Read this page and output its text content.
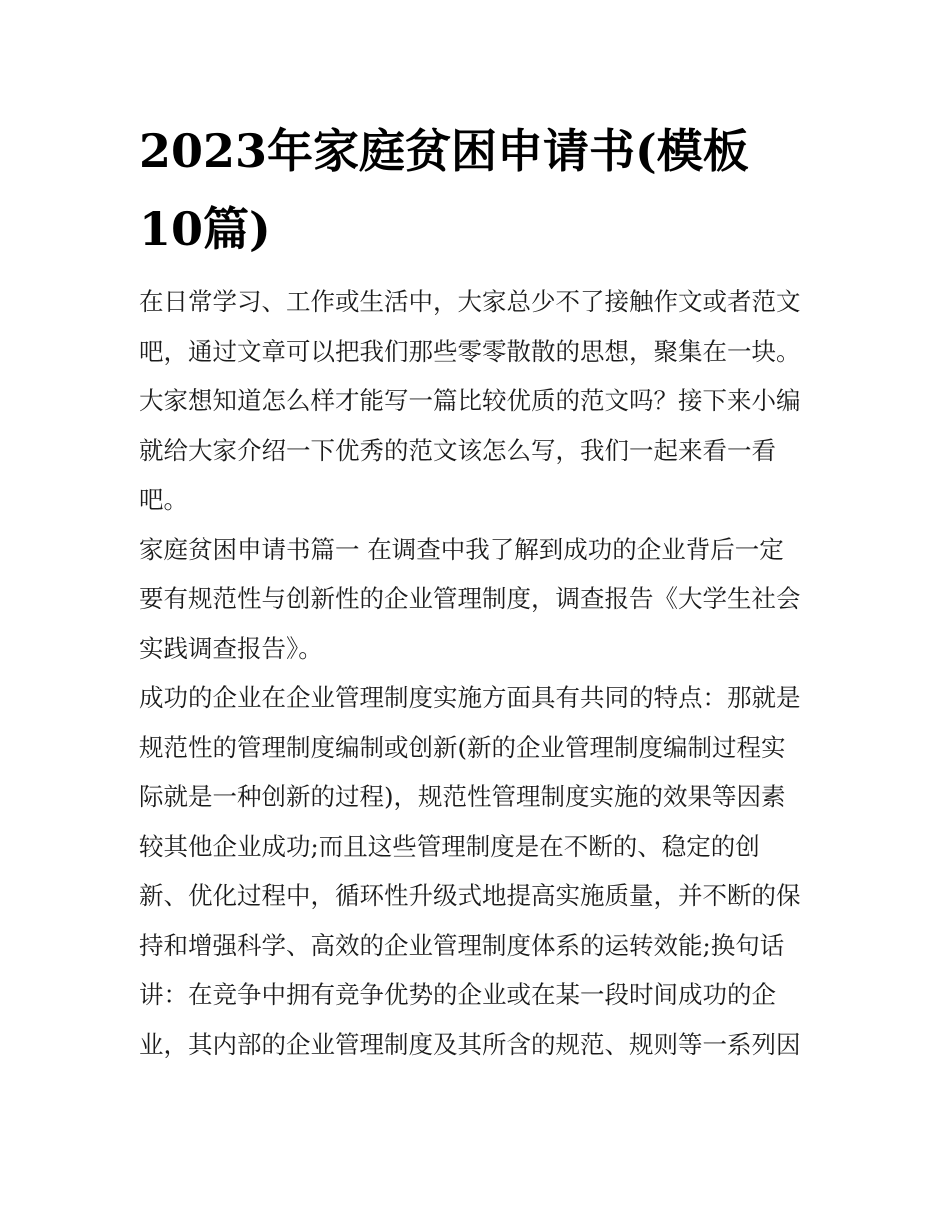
2023年家庭贫困申请书(模板
10篇)
在日常学习、工作或生活中，大家总少不了接触作文或者范文
吧，通过文章可以把我们那些零零散散的思想，聚集在一块。
大家想知道怎么样才能写一篇比较优质的范文吗？接下来小编
就给大家介绍一下优秀的范文该怎么写，我们一起来看一看
吧。
家庭贫困申请书篇一 在调查中我了解到成功的企业背后一定
要有规范性与创新性的企业管理制度，调查报告《大学生社会
实践调查报告》。
成功的企业在企业管理制度实施方面具有共同的特点：那就是
规范性的管理制度编制或创新(新的企业管理制度编制过程实
际就是一种创新的过程)，规范性管理制度实施的效果等因素
较其他企业成功;而且这些管理制度是在不断的、稳定的创
新、优化过程中，循环性升级式地提高实施质量，并不断的保
持和增强科学、高效的企业管理制度体系的运转效能;换句话
讲：在竞争中拥有竞争优势的企业或在某一段时间成功的企
业，其内部的企业管理制度及其所含的规范、规则等一系列因
